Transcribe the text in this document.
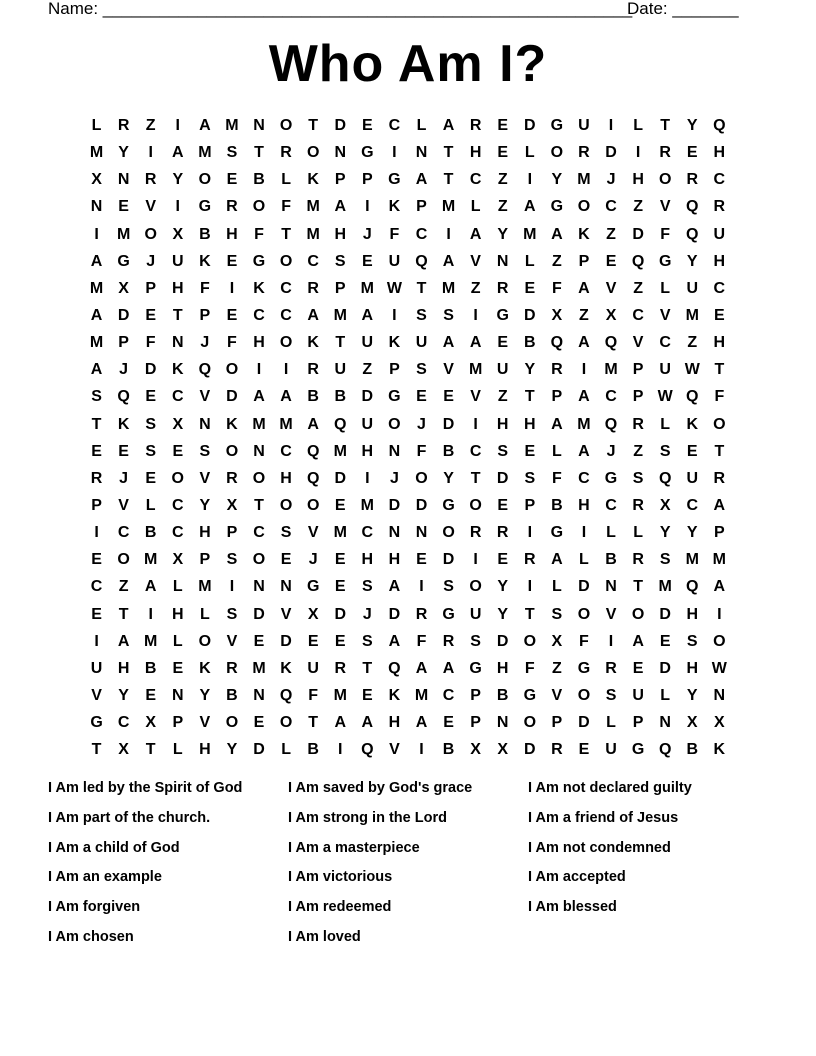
Name: ________________________________________________________
Date: _______
Who Am I?
L	R	Z	I	A M N O T	D E C	L	A R E D G U	I	L	T	Y Q
M Y	I	A M S	T	R O N G	I	N	T	H E	L O R D	I	R E H
X N R Y O E B	L	K P	P G A	T	C	Z	I	Y M J	H O R C
N E	V	I	G R O F M A	I	K P M L	Z	A G O C	Z	V Q R
I	M O X B H	F	T M H	J	F	C	I	A Y M A K	Z	D	F Q U
A G	J	U K E G O C S	E U Q A V N	L	Z	P	E Q G Y H
M X	P H	F	I	K C R P M W T M Z	R E	F	A V	Z	L	U C
A D E	T	P	E C C A M A	I	S	S	I	G D X	Z	X C V M E
M P	F	N	J	F	H O K	T	U K U A A E B Q A Q V C	Z	H
A	J	D K Q O	I	I	R U	Z	P	S	V M U Y R	I	M P U W T
S Q E C V D A A B B D G E	E	V	Z	T	P A C P W Q F
T	K S	X N K M M A Q U O	J	D	I	H H A M Q R	L	K O
E	E	S	E	S O N C Q M H N	F	B C S	E	L	A	J	Z	S	E	T
R	J	E O V R O H Q D	I	J	O Y	T	D S	F	C G S Q U R
P	V	L	C Y	X	T O O E M D D G O E	P B H C R X C A
I	C B C H P C S	V M C N N O R R	I	G	I	L	L	Y	Y	P
E O M X	P	S O E	J	E H H E D	I	E R A	L	B R S M M
C	Z	A	L M	I	N N G E	S A	I	S O Y	I	L	D N	T M Q A
E	T	I	H	L	S D V	X D	J	D R G U Y	T	S O V O D H	I
I	A M L O V	E D E	E	S A	F	R S D O X	F	I	A E	S O
U H B E K R M K U R	T Q A A G H	F	Z G R E D H W
V	Y	E N Y B N Q F M E K M C P B G V O S U	L	Y N
G C X	P	V O E O T	A A H A E	P N O P D	L	P N X	X
T	X	T	L	H Y D	L	B	I	Q V	I	B X	X D R E U G Q B K
I Am led by the Spirit of God
I Am part of the church.
I Am a child of God
I Am an example
I Am forgiven
I Am chosen
I Am saved by God's grace
I Am strong in the Lord
I Am a masterpiece
I Am victorious
I Am redeemed
I Am loved
I Am not declared guilty
I Am a friend of Jesus
I Am not condemned
I Am accepted
I Am blessed
